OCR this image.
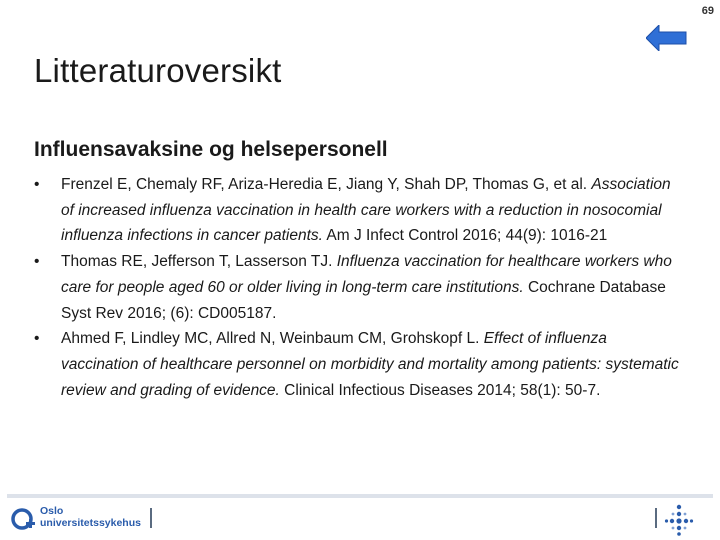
69
Litteraturoversikt
Influensavaksine og helsepersonell
• Frenzel E, Chemaly RF, Ariza-Heredia E, Jiang Y, Shah DP, Thomas G, et al. Association of increased influenza vaccination in health care workers with a reduction in nosocomial influenza infections in cancer patients. Am J Infect Control 2016; 44(9): 1016-21
• Thomas RE, Jefferson T, Lasserson TJ. Influenza vaccination for healthcare workers who care for people aged 60 or older living in long-term care institutions. Cochrane Database Syst Rev 2016; (6): CD005187.
• Ahmed F, Lindley MC, Allred N, Weinbaum CM, Grohskopf L. Effect of influenza vaccination of healthcare personnel on morbidity and mortality among patients: systematic review and grading of evidence. Clinical Infectious Diseases 2014; 58(1): 50-7.
Oslo
universitetssykehus
